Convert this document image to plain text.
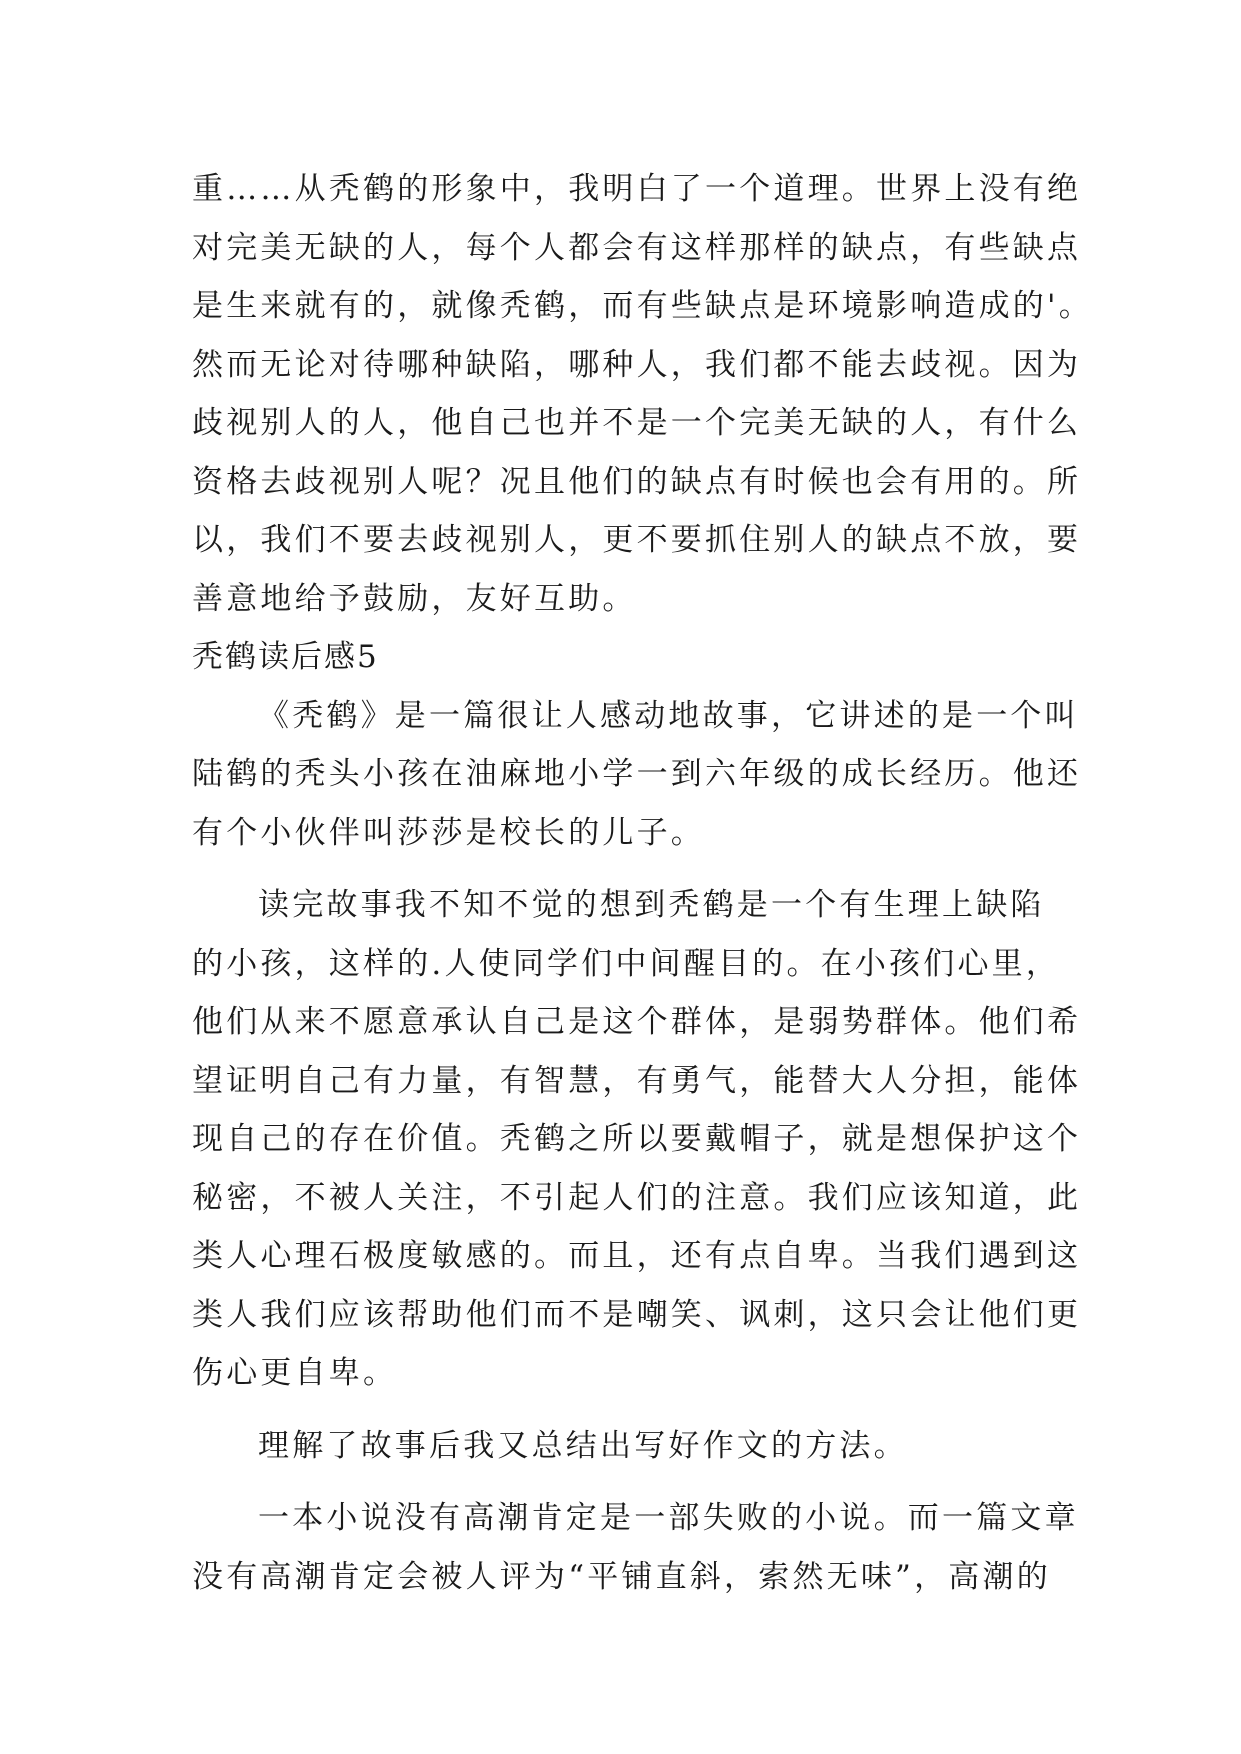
重……从秃鹤的形象中，我明白了一个道理。世界上没有绝
对完美无缺的人，每个人都会有这样那样的缺点，有些缺点
是生来就有的，就像秃鹤，而有些缺点是环境影响造成的'。
然而无论对待哪种缺陷，哪种人，我们都不能去歧视。因为
歧视别人的人，他自己也并不是一个完美无缺的人，有什么
资格去歧视别人呢？况且他们的缺点有时候也会有用的。所
以，我们不要去歧视别人，更不要抓住别人的缺点不放，要
善意地给予鼓励，友好互助。
秃鹤读后感5
《秃鹤》是一篇很让人感动地故事，它讲述的是一个叫
陆鹤的秃头小孩在油麻地小学一到六年级的成长经历。他还
有个小伙伴叫莎莎是校长的儿子。
读完故事我不知不觉的想到秃鹤是一个有生理上缺陷
的小孩，这样的.人使同学们中间醒目的。在小孩们心里，
他们从来不愿意承认自己是这个群体，是弱势群体。他们希
望证明自己有力量，有智慧，有勇气，能替大人分担，能体
现自己的存在价值。秃鹤之所以要戴帽子，就是想保护这个
秘密，不被人关注，不引起人们的注意。我们应该知道，此
类人心理石极度敏感的。而且，还有点自卑。当我们遇到这
类人我们应该帮助他们而不是嘲笑、讽刺，这只会让他们更
伤心更自卑。
理解了故事后我又总结出写好作文的方法。
一本小说没有高潮肯定是一部失败的小说。而一篇文章
没有高潮肯定会被人评为“平铺直斜，索然无味”，高潮的
